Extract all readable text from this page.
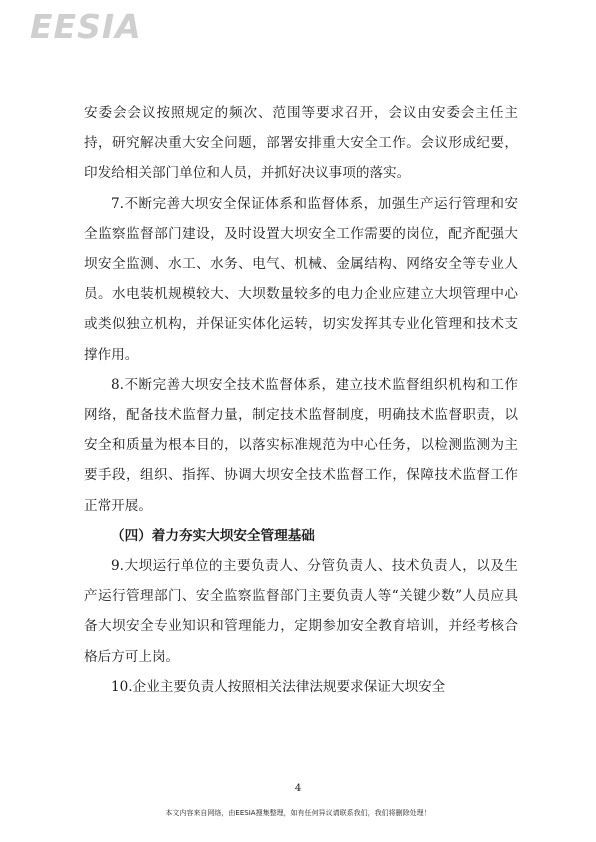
EESIA

安委会会议按照规定的频次、范围等要求召开，会议由安委会主任主持，研究解决重大安全问题，部署安排重大安全工作。会议形成纪要，印发给相关部门单位和人员，并抓好决议事项的落实。

7.不断完善大坝安全保证体系和监督体系，加强生产运行管理和安全监察监督部门建设，及时设置大坝安全工作需要的岗位，配齐配强大坝安全监测、水工、水务、电气、机械、金属结构、网络安全等专业人员。水电装机规模较大、大坝数量较多的电力企业应建立大坝管理中心或类似独立机构，并保证实体化运转，切实发挥其专业化管理和技术支撑作用。

8.不断完善大坝安全技术监督体系，建立技术监督组织机构和工作网络，配备技术监督力量，制定技术监督制度，明确技术监督职责，以安全和质量为根本目的，以落实标准规范为中心任务，以检测监测为主要手段，组织、指挥、协调大坝安全技术监督工作，保障技术监督工作正常开展。

（四）着力夯实大坝安全管理基础

9.大坝运行单位的主要负责人、分管负责人、技术负责人，以及生产运行管理部门、安全监察监督部门主要负责人等“关键少数”人员应具备大坝安全专业知识和管理能力，定期参加安全教育培训，并经考核合格后方可上岗。

10.企业主要负责人按照相关法律法规要求保证大坝安全

4
本文内容来自网络，由EESIA搜集整理，如有任何异议请联系我们，我们将删除处理！
